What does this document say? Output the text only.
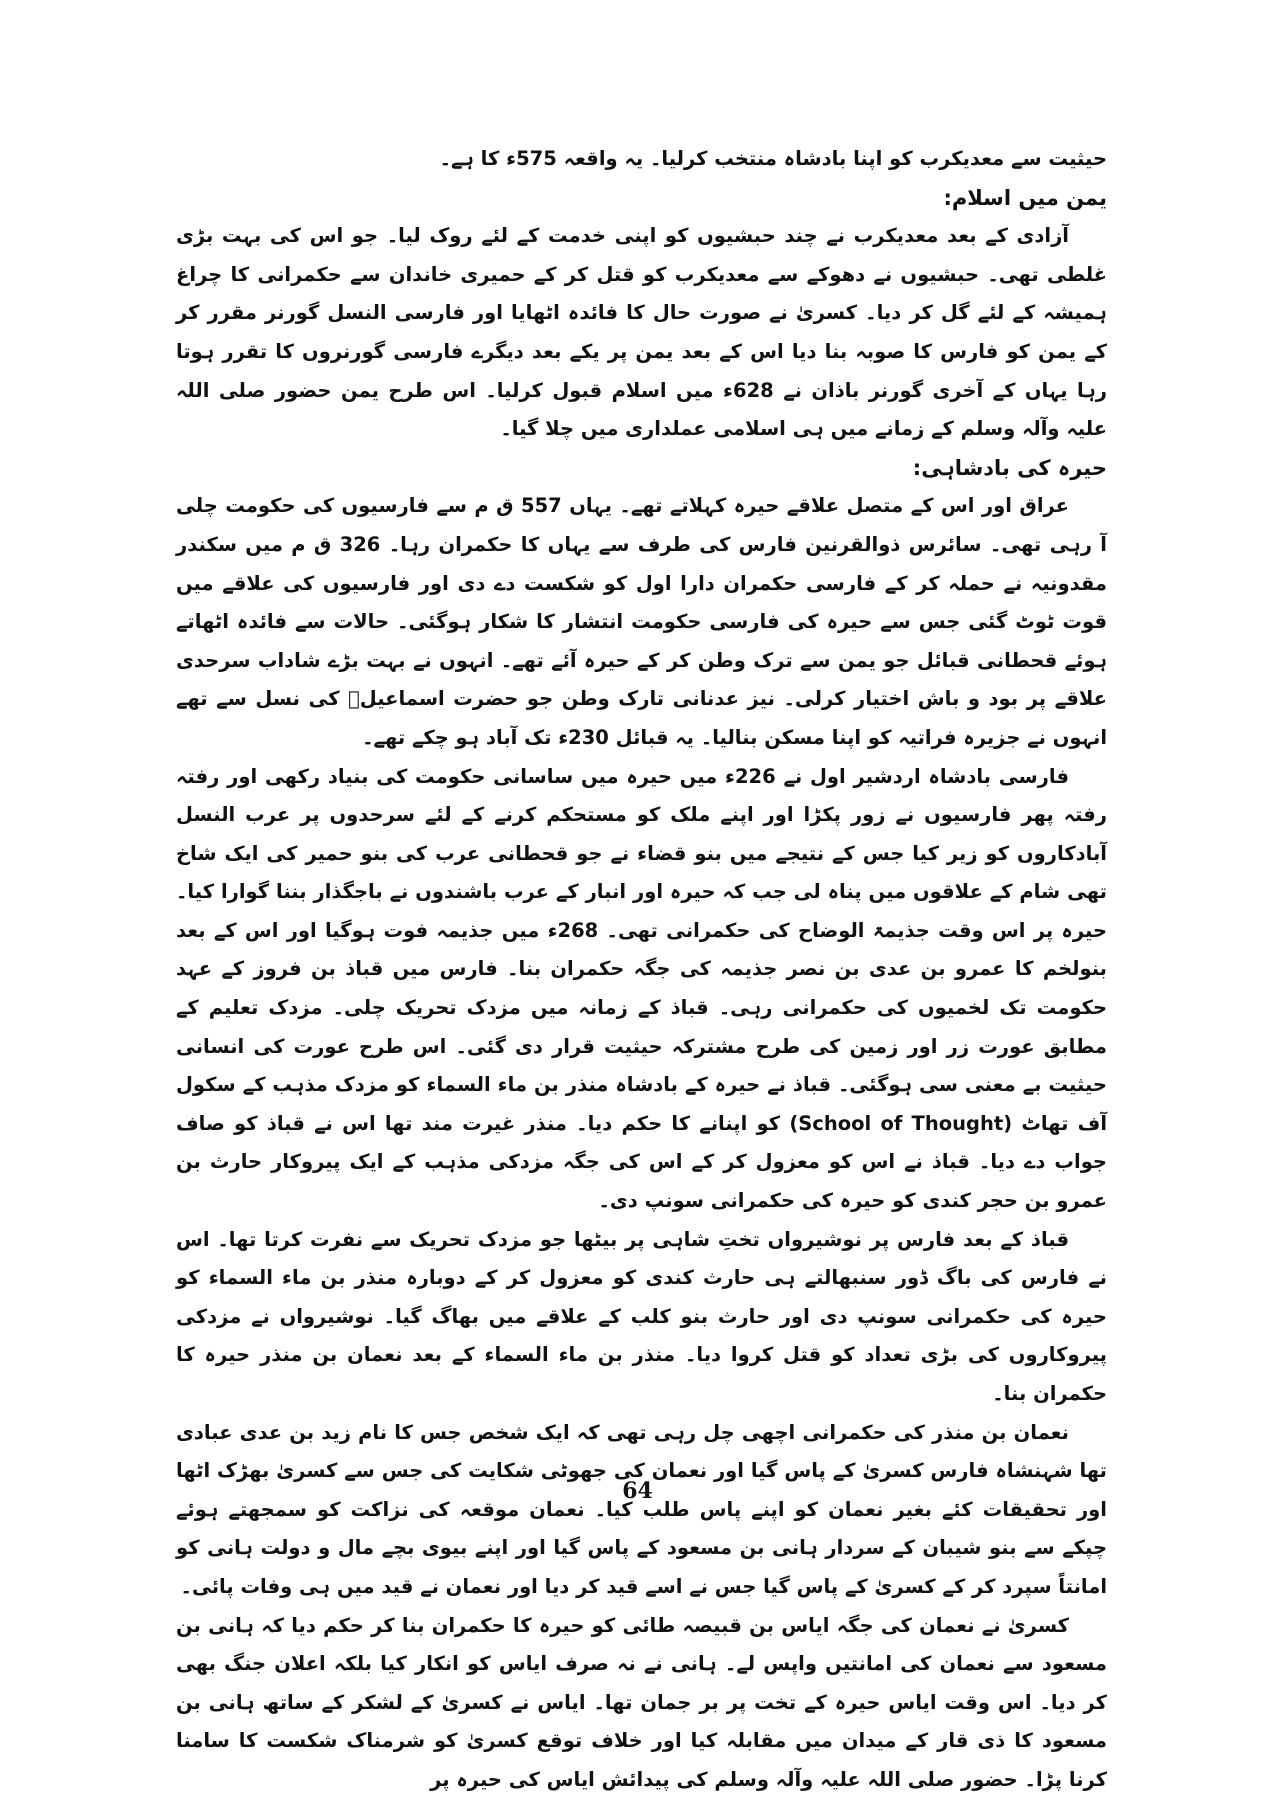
حیثیت سے معدیکرب کو اپنا بادشاہ منتخب کرلیا۔ یہ واقعہ 575ء کا ہے۔

یمن میں اسلام:

آزادی کے بعد معدیکرب نے چند حبشیوں کو اپنی خدمت کے لئے روک لیا۔ جو اس کی بہت بڑی غلطی تھی۔ حبشیوں نے دھوکے سے معدیکرب کو قتل کر کے حمیری خاندان سے حکمرانی کا چراغ ہمیشہ کے لئے گل کر دیا۔ کسریٰ نے صورت حال کا فائدہ اٹھایا اور فارسی النسل گورنر مقرر کر کے یمن کو فارس کا صوبہ بنا دیا اس کے بعد یمن پر یکے بعد دیگرے فارسی گورنروں کا تقرر ہوتا رہا یہاں کے آخری گورنر باذان نے 628ء میں اسلام قبول کرلیا۔ اس طرح یمن حضور صلی اللہ علیہ وآلہ وسلم کے زمانے میں ہی اسلامی عملداری میں چلا گیا۔

حیرہ کی بادشاہی:

عراق اور اس کے متصل علاقے حیرہ کہلاتے تھے۔ یہاں 557 ق م سے فارسیوں کی حکومت چلی آ رہی تھی۔ سائرس ذوالقرنین فارس کی طرف سے یہاں کا حکمران رہا۔ 326 ق م میں سکندر مقدونیہ نے حملہ کر کے فارسی حکمران دارا اول کو شکست دے دی اور فارسیوں کی علاقے میں قوت ٹوٹ گئی جس سے حیرہ کی فارسی حکومت انتشار کا شکار ہوگئی۔ حالات سے فائدہ اٹھاتے ہوئے قحطانی قبائل جو یمن سے ترک وطن کر کے حیرہ آئے تھے۔ انہوں نے بہت بڑے شاداب سرحدی علاقے پر بود و باش اختیار کرلی۔ نیز عدنانی تارک وطن جو حضرت اسماعیلؑ کی نسل سے تھے انہوں نے جزیرہ فراتیہ کو اپنا مسکن بنالیا۔ یہ قبائل 230ء تک آباد ہو چکے تھے۔

فارسی بادشاہ اردشیر اول نے 226ء میں حیرہ میں ساسانی حکومت کی بنیاد رکھی اور رفتہ رفتہ پھر فارسیوں نے زور پکڑا اور اپنے ملک کو مستحکم کرنے کے لئے سرحدوں پر عرب النسل آبادکاروں کو زیر کیا جس کے نتیجے میں بنو قضاء نے جو قحطانی عرب کی بنو حمیر کی ایک شاخ تھی شام کے علاقوں میں پناہ لی جب کہ حیرہ اور انبار کے عرب باشندوں نے باجگذار بننا گوارا کیا۔ حیرہ پر اس وقت جذیمۃ الوضاح کی حکمرانی تھی۔ 268ء میں جذیمہ فوت ہوگیا اور اس کے بعد بنولخم کا عمرو بن عدی بن نصر جذیمہ کی جگہ حکمران بنا۔ فارس میں قباذ بن فروز کے عہد حکومت تک لخمیوں کی حکمرانی رہی۔ قباذ کے زمانہ میں مزدک تحریک چلی۔ مزدک تعلیم کے مطابق عورت زر اور زمین کی طرح مشترکہ حیثیت قرار دی گئی۔ اس طرح عورت کی انسانی حیثیت بے معنی سی ہوگئی۔ قباذ نے حیرہ کے بادشاہ منذر بن ماء السماء کو مزدک مذہب کے سکول آف تھاٹ (School of Thought) کو اپنانے کا حکم دیا۔ منذر غیرت مند تھا اس نے قباذ کو صاف جواب دے دیا۔ قباذ نے اس کو معزول کر کے اس کی جگہ مزدکی مذہب کے ایک پیروکار حارث بن عمرو بن حجر کندی کو حیرہ کی حکمرانی سونپ دی۔

قباذ کے بعد فارس پر نوشیرواں تختِ شاہی پر بیٹھا جو مزدک تحریک سے نفرت کرتا تھا۔ اس نے فارس کی باگ ڈور سنبھالتے ہی حارث کندی کو معزول کر کے دوبارہ منذر بن ماء السماء کو حیرہ کی حکمرانی سونپ دی اور حارث بنو کلب کے علاقے میں بھاگ گیا۔ نوشیرواں نے مزدکی پیروکاروں کی بڑی تعداد کو قتل کروا دیا۔ منذر بن ماء السماء کے بعد نعمان بن منذر حیرہ کا حکمران بنا۔

نعمان بن منذر کی حکمرانی اچھی چل رہی تھی کہ ایک شخص جس کا نام زید بن عدی عبادی تھا شہنشاہ فارس کسریٰ کے پاس گیا اور نعمان کی جھوٹی شکایت کی جس سے کسریٰ بھڑک اٹھا اور تحقیقات کئے بغیر نعمان کو اپنے پاس طلب کیا۔ نعمان موقعہ کی نزاکت کو سمجھتے ہوئے چپکے سے بنو شیبان کے سردار ہانی بن مسعود کے پاس گیا اور اپنے بیوی بچے مال و دولت ہانی کو امانتاً سپرد کر کے کسریٰ کے پاس گیا جس نے اسے قید کر دیا اور نعمان نے قید میں ہی وفات پائی۔

کسریٰ نے نعمان کی جگہ ایاس بن قبیصہ طائی کو حیرہ کا حکمران بنا کر حکم دیا کہ ہانی بن مسعود سے نعمان کی امانتیں واپس لے۔ ہانی نے نہ صرف ایاس کو انکار کیا بلکہ اعلان جنگ بھی کر دیا۔ اس وقت ایاس حیرہ کے تخت پر بر جمان تھا۔ ایاس نے کسریٰ کے لشکر کے ساتھ ہانی بن مسعود کا ذی قار کے میدان میں مقابلہ کیا اور خلاف توقع کسریٰ کو شرمناک شکست کا سامنا کرنا پڑا۔ حضور صلی اللہ علیہ وآلہ وسلم کی پیدائش ایاس کی حیرہ پر

64
